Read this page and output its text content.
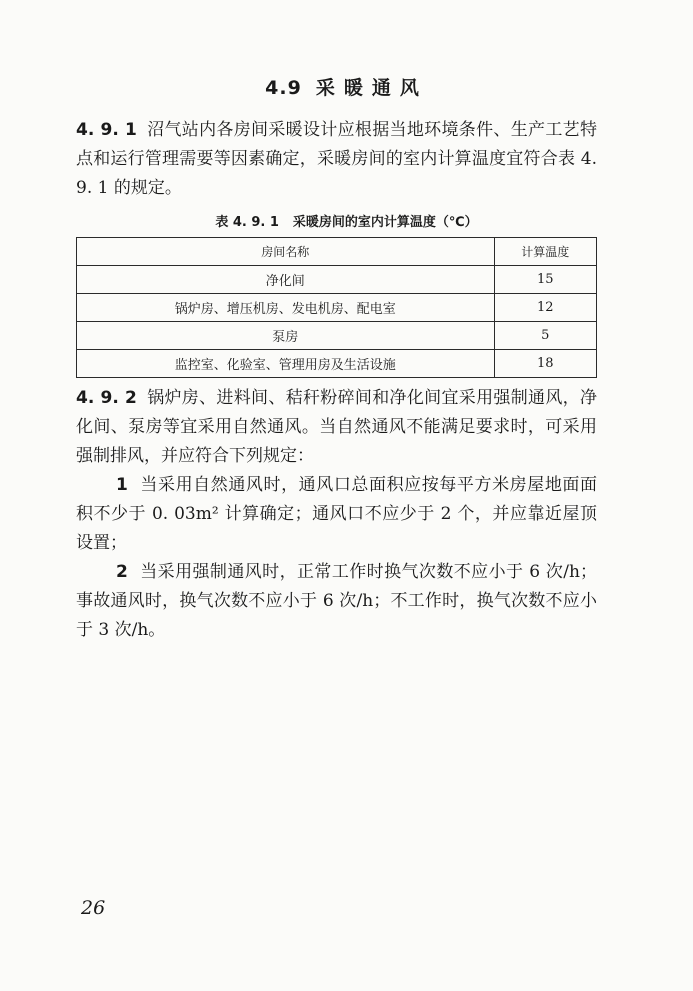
4.9 采暖通风
4. 9. 1 沼气站内各房间采暖设计应根据当地环境条件、生产工艺特点和运行管理需要等因素确定，采暖房间的室内计算温度宜符合表 4. 9. 1 的规定。
表 4. 9. 1 采暖房间的室内计算温度（℃）
房间名称	计算温度
净化间	15
锅炉房、增压机房、发电机房、配电室	12
泵房	5
监控室、化验室、管理用房及生活设施	18
4. 9. 2 锅炉房、进料间、秸秆粉碎间和净化间宜采用强制通风，净化间、泵房等宜采用自然通风。当自然通风不能满足要求时，可采用强制排风，并应符合下列规定：
1 当采用自然通风时，通风口总面积应按每平方米房屋地面面积不少于 0. 03m² 计算确定；通风口不应少于 2 个，并应靠近屋顶设置；
2 当采用强制通风时，正常工作时换气次数不应小于 6 次/h；事故通风时，换气次数不应小于 6 次/h；不工作时，换气次数不应小于 3 次/h。
26
